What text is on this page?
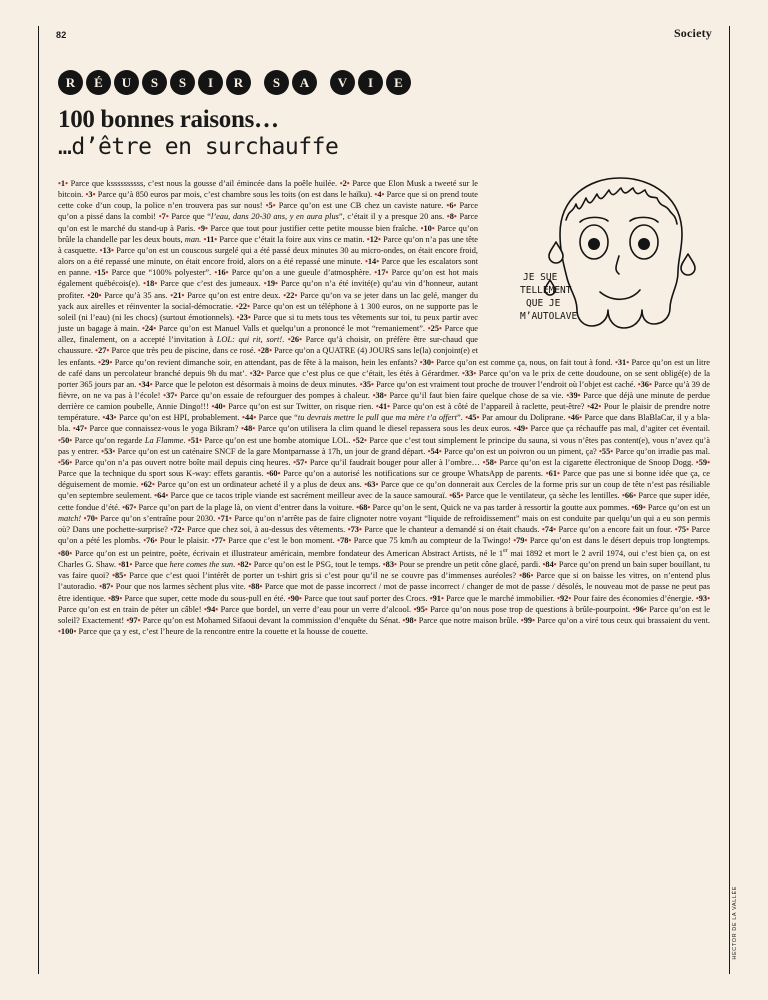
82	Society
R	É	U	S	S	I	R	S	A	V	I	E
100 bonnes raisons…
…d’être en surchauffe
JE SUE
TELLEMENT
QUE JE
M’AUTOLAVE
HECTOR DE LA VALLÉE
•1• Parce que kssssssssss, c’est nous la gousse d’ail émincée dans la poêle huilée. •2• Parce que Elon Musk a tweeté sur le bitcoin. •3• Parce qu’à 850 euros par mois, c’est chambre sous les toits (on est dans le haïku). •4• Parce que si on prend toute cette coke d’un coup, la police n’en trouvera pas sur nous! •5• Parce qu’on est une CB chez un caviste nature. •6• Parce qu’on a pissé dans la combi! •7• Parce que “l’eau, dans 20-30 ans, y en aura plus”, c’était il y a presque 20 ans. •8• Parce qu’on est le marché du stand-up à Paris. •9• Parce que tout pour justifier cette petite mousse bien fraîche. •10• Parce qu’on brûle la chandelle par les deux bouts, man. •11• Parce que c’était la foire aux vins ce matin. •12• Parce qu’on n’a pas une tête à casquette. •13• Parce qu’on est un couscous surgelé qui a été passé deux minutes 30 au micro-ondes, on était encore froid, alors on a été repassé une minute, on était encore froid, alors on a été repassé une minute. •14• Parce que les escalators sont en panne. •15• Parce que “100% polyester”. •16• Parce qu’on a une gueule d’atmosphère. •17• Parce qu’on est hot mais également québécois(e). •18• Parce que c’est des jumeaux. •19• Parce qu’on n’a été invité(e) qu’au vin d’honneur, autant profiter. •20• Parce qu’à 35 ans. •21• Parce qu’on est entre deux. •22• Parce qu’on va se jeter dans un lac gelé, manger du yack aux airelles et réinventer la social-démocratie. •22• Parce qu’on est un téléphone à 1 300 euros, on ne supporte pas le soleil (ni l’eau) (ni les chocs) (surtout émotionnels). •23• Parce que si tu mets tous tes vêtements sur toi, tu peux partir avec juste un bagage à main. •24• Parce qu’on est Manuel Valls et quelqu’un a prononcé le mot “remaniement”. •25• Parce que allez, finalement, on a accepté l’invitation à LOL: qui rit, sort!. •26• Parce qu’à choisir, on préfère être sur-chaud que chaussure. •27• Parce que très peu de piscine, dans ce rosé. •28• Parce qu’on a QUATRE (4) JOURS sans le(la) conjoint(e) et les enfants. •29• Parce qu’on revient dimanche soir, en attendant, pas de fête à la maison, hein les enfants? •30• Parce qu’on est comme ça, nous, on fait tout à fond. •31• Parce qu’on est un litre de café dans un percolateur branché depuis 9h du mat’. •32• Parce que c’est plus ce que c’était, les étés à Gérardmer. •33• Parce qu’on va le prix de cette doudoune, on se sent obligé(e) de la porter 365 jours par an. •34• Parce que le peloton est désormais à moins de deux minutes. •35• Parce qu’on est vraiment tout proche de trouver l’endroit où l’objet est caché. •36• Parce qu’à 39 de fièvre, on ne va pas à l’école! •37• Parce qu’on essaie de refourguer des pompes à chaleur. •38• Parce qu’il faut bien faire quelque chose de sa vie. •39• Parce que déjà une minute de perdue derrière ce camion poubelle, Annie Dingo!!! •40• Parce qu’on est sur Twitter, on risque rien. •41• Parce qu’on est à côté de l’appareil à raclette, peut-être? •42• Pour le plaisir de prendre notre température. •43• Parce qu’on est HPI, probablement. •44• Parce que “tu devrais mettre le pull que ma mère t’a offert”. •45• Par amour du Doliprane. •46• Parce que dans BlaBlaCar, il y a bla-bla. •47• Parce que connaissez-vous le yoga Bikram? •48• Parce qu’on utilisera la clim quand le diesel repassera sous les deux euros. •49• Parce que ça réchauffe pas mal, d’agiter cet éventail. •50• Parce qu’on regarde La Flamme. •51• Parce qu’on est une bombe atomique LOL. •52• Parce que c’est tout simplement le principe du sauna, si vous n’êtes pas content(e), vous n’avez qu’à pas y entrer. •53• Parce qu’on est un caténaire SNCF de la gare Montparnasse à 17h, un jour de grand départ. •54• Parce qu’on est un poivron ou un piment, ça? •55• Parce qu’on irradie pas mal. •56• Parce qu’on n’a pas ouvert notre boîte mail depuis cinq heures. •57• Parce qu’il faudrait bouger pour aller à l’ombre… •58• Parce qu’on est la cigarette électronique de Snoop Dogg. •59• Parce que la technique du sport sous K-way: effets garantis. •60• Parce qu’on a autorisé les notifications sur ce groupe WhatsApp de parents. •61• Parce que pas une si bonne idée que ça, ce déguisement de momie. •62• Parce qu’on est un ordinateur acheté il y a plus de deux ans. •63• Parce que ce qu’on donnerait aux Cercles de la forme pris sur un coup de tête n’est pas résiliable qu’en septembre seulement. •64• Parce que ce tacos triple viande est sacrément meilleur avec de la sauce samouraï. •65• Parce que le ventilateur, ça sèche les lentilles. •66• Parce que super idée, cette fondue d’été. •67• Parce qu’on part de la plage là, on vient d’entrer dans la voiture. •68• Parce qu’on le sent, Quick ne va pas tarder à ressortir la goutte aux pommes. •69• Parce qu’on est un match! •70• Parce qu’on s’entraîne pour 2030. •71• Parce qu’on n’arrête pas de faire clignoter notre voyant “liquide de refroidissement” mais on est conduite par quelqu’un qui a eu son permis où? Dans une pochette-surprise? •72• Parce que chez soi, à au-dessus des vêtements. •73• Parce que le chanteur a demandé si on était chauds. •74• Parce qu’on a encore fait un four. •75• Parce qu’on a pété les plombs. •76• Pour le plaisir. •77• Parce que c’est le bon moment. •78• Parce que 75 km/h au compteur de la Twingo! •79• Parce qu’on est dans le désert depuis trop longtemps. •80• Parce qu’on est un peintre, poète, écrivain et illustrateur américain, membre fondateur des American Abstract Artists, né le 1er mai 1892 et mort le 2 avril 1974, oui c’est bien ça, on est Charles G. Shaw. •81• Parce que here comes the sun. •82• Parce qu’on est le PSG, tout le temps. •83• Pour se prendre un petit cône glacé, pardi. •84• Parce qu’on prend un bain super bouillant, tu vas faire quoi? •85• Parce que c’est quoi l’intérêt de porter un t-shirt gris si c’est pour qu’il ne se couvre pas d’immenses auréoles? •86• Parce que si on baisse les vitres, on n’entend plus l’autoradio. •87• Pour que nos larmes sèchent plus vite. •88• Parce que mot de passe incorrect / mot de passe incorrect / changer de mot de passe / désolés, le nouveau mot de passe ne peut pas être identique. •89• Parce que super, cette mode du sous-pull en été. •90• Parce que tout sauf porter des Crocs. •91• Parce que le marché immobilier. •92• Pour faire des économies d’énergie. •93• Parce qu’on est en train de péter un câble! •94• Parce que bordel, un verre d’eau pour un verre d’alcool. •95• Parce qu’on nous pose trop de questions à brûle-pourpoint. •96• Parce qu’on est le soleil? Exactement! •97• Parce qu’on est Mohamed Sifaoui devant la commission d’enquête du Sénat. •98• Parce que notre maison brûle. •99• Parce qu’on a viré tous ceux qui brassaient du vent. •100• Parce que ça y est, c’est l’heure de la rencontre entre la couette et la housse de couette.
